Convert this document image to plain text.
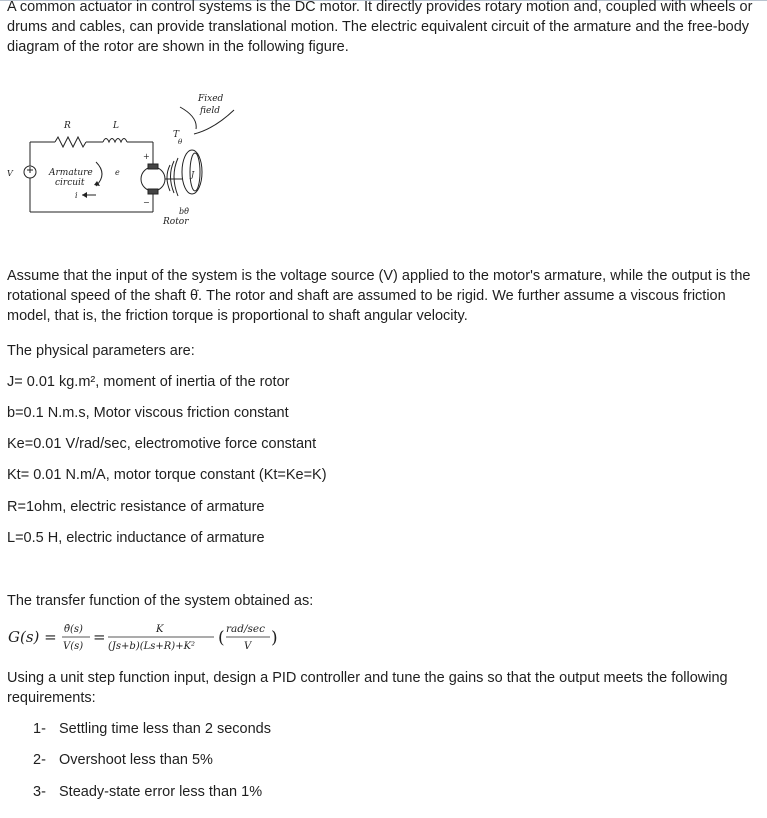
A common actuator in control systems is the DC motor. It directly provides rotary motion and, coupled with wheels or drums and cables, can provide translational motion. The electric equivalent circuit of the armature and the free-body diagram of the rotor are shown in the following figure.

Fixed
field
R	L
T
θ
+
−
V	Armature
circuit
e
i
J
bθ̇
Rotor

Assume that the input of the system is the voltage source (V) applied to the motor's armature, while the output is the rotational speed of the shaft θ̇. The rotor and shaft are assumed to be rigid. We further assume a viscous friction model, that is, the friction torque is proportional to shaft angular velocity.

The physical parameters are:
J= 0.01 kg.m², moment of inertia of the rotor
b=0.1 N.m.s, Motor viscous friction constant
Ke=0.01 V/rad/sec, electromotive force constant
Kt= 0.01 N.m/A, motor torque constant (Kt=Ke=K)
R=1ohm, electric resistance of armature
L=0.5 H, electric inductance of armature
The transfer function of the system obtained as:
G(s) = θ̇(s)
V(s)
=	K
(Js+b)(Ls+R)+K² ( rad/sec
V )

Using a unit step function input, design a PID controller and tune the gains so that the output meets the following requirements:

1- Settling time less than 2 seconds
2- Overshoot less than 5%
3- Steady-state error less than 1%
